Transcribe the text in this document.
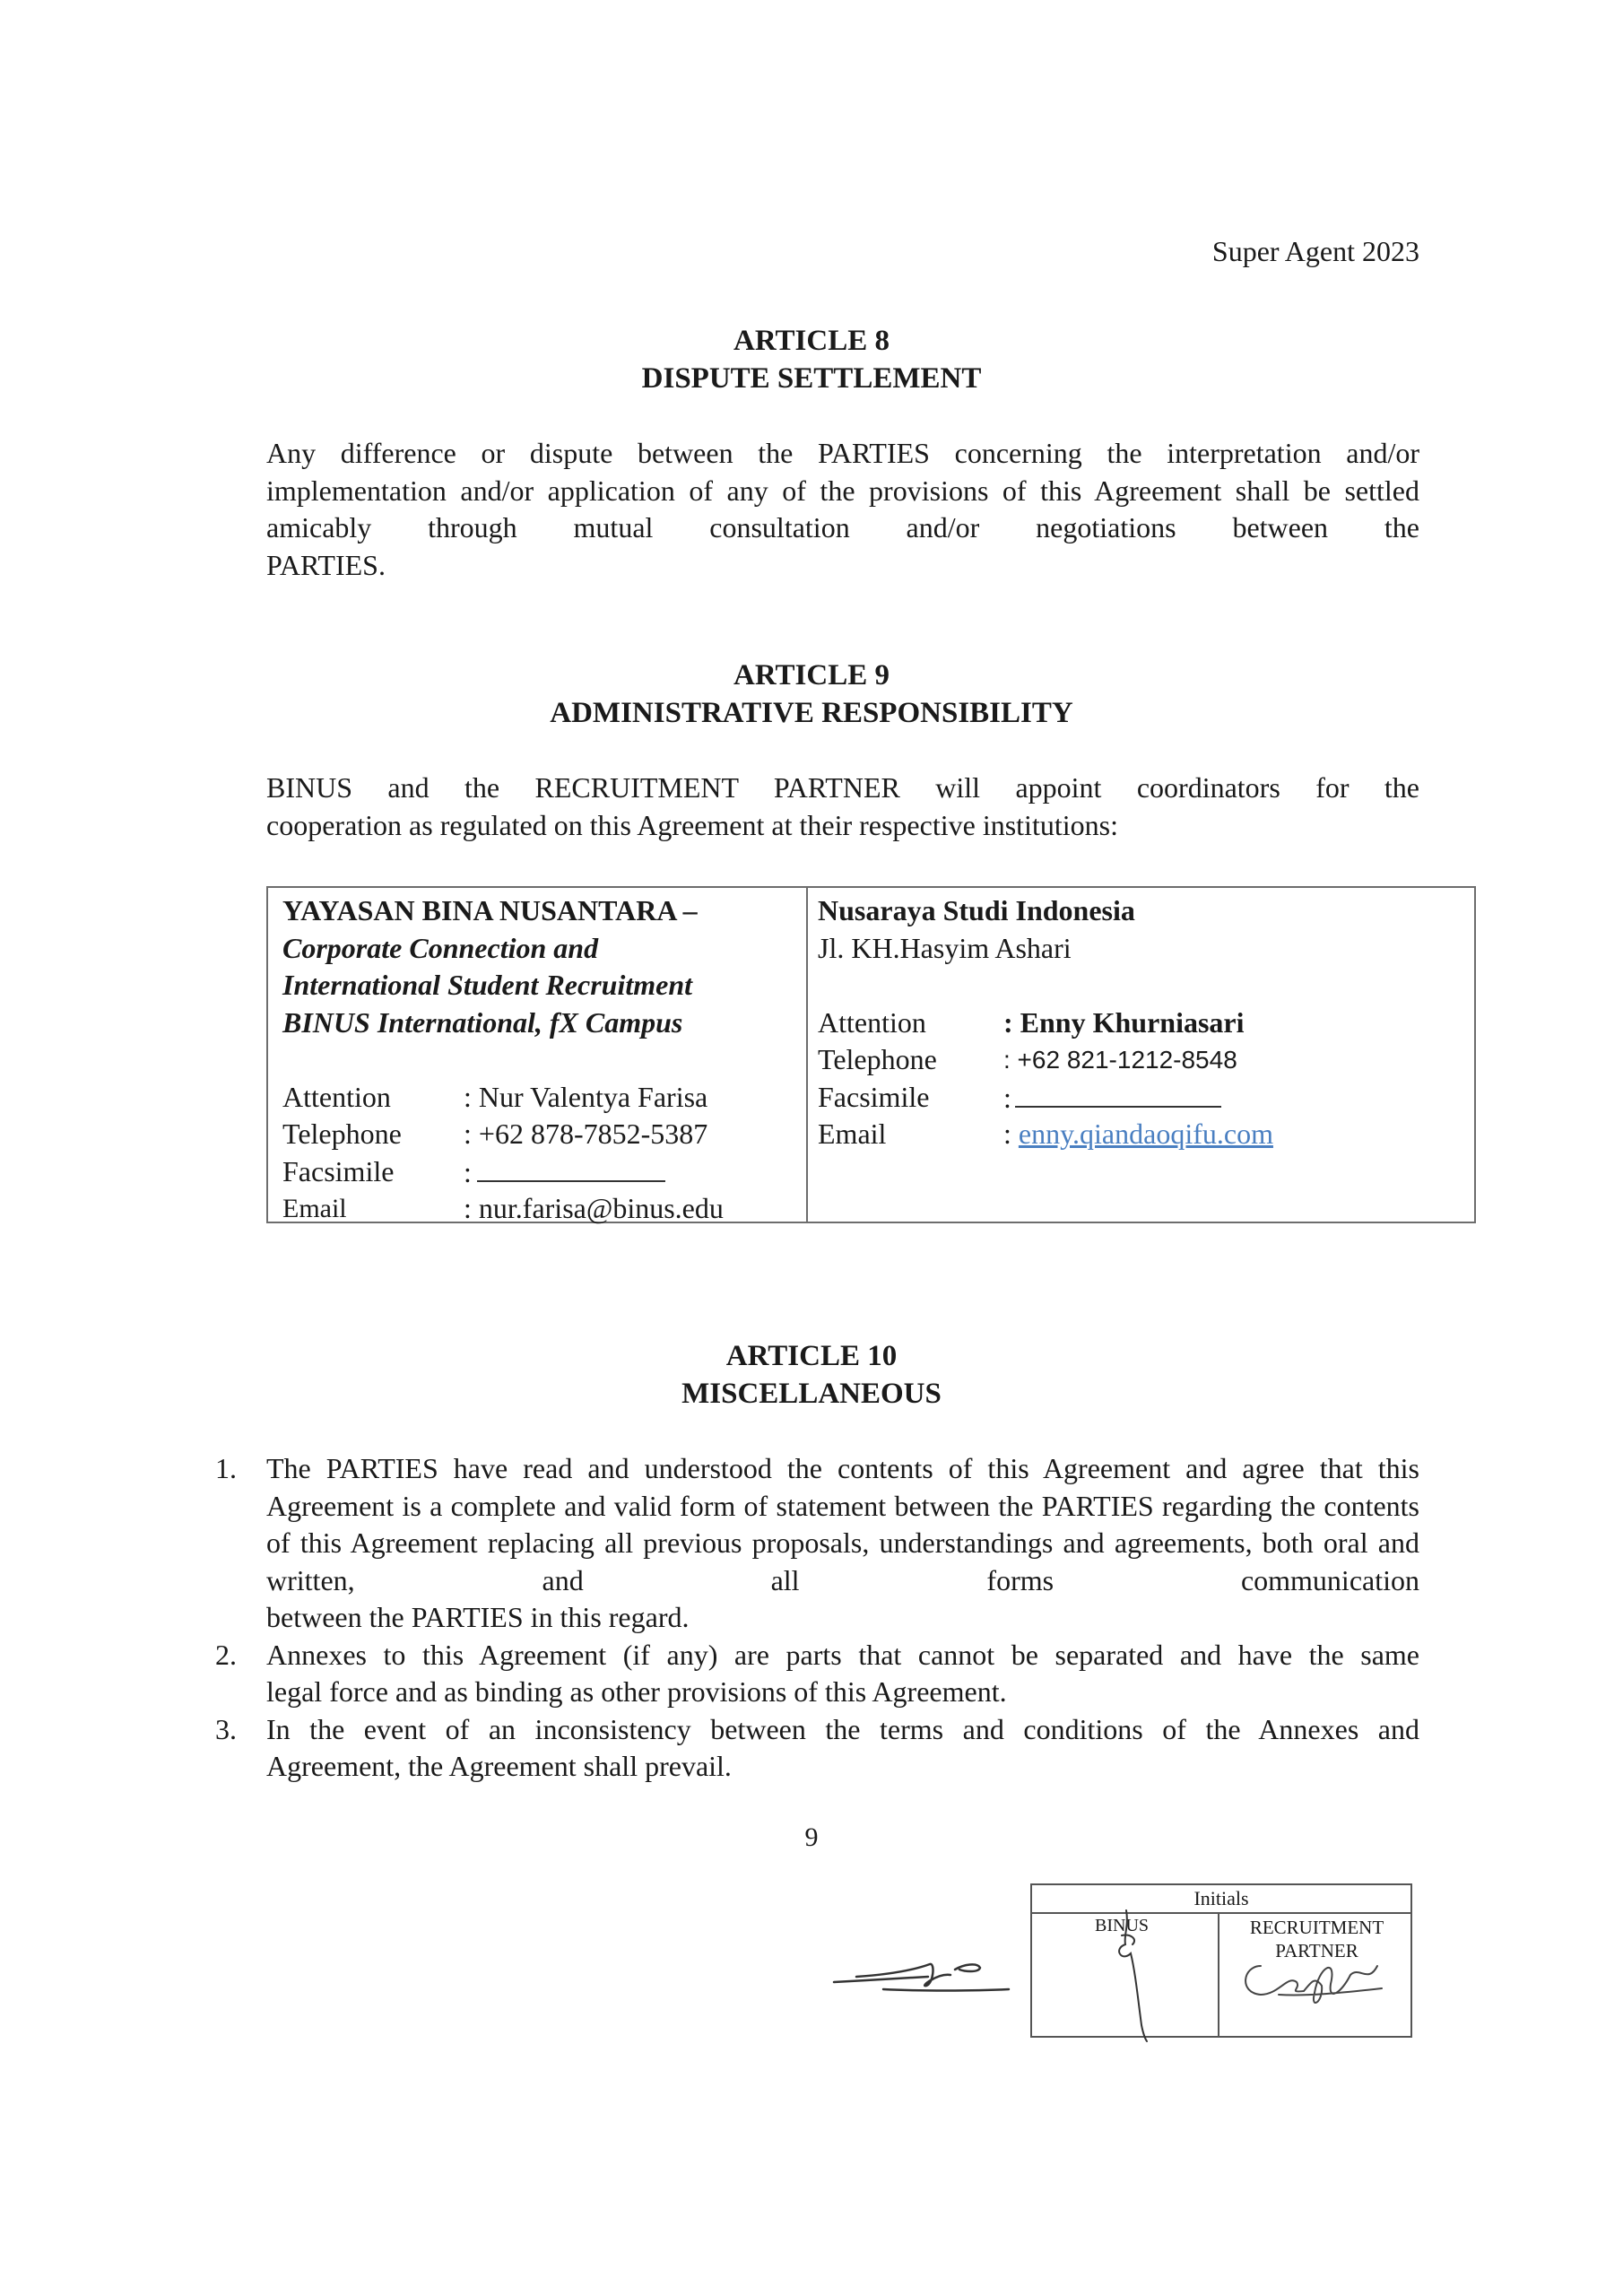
Super Agent 2023
ARTICLE 8
DISPUTE SETTLEMENT
Any difference or dispute between the PARTIES concerning the interpretation and/or implementation and/or application of any of the provisions of this Agreement shall be settled amicably through mutual consultation and/or negotiations between the
PARTIES.
ARTICLE 9
ADMINISTRATIVE RESPONSIBILITY
BINUS and the RECRUITMENT PARTNER will appoint coordinators for the
cooperation as regulated on this Agreement at their respective institutions:
YAYASAN BINA NUSANTARA –
Corporate Connection and
International Student Recruitment
BINUS International, fX Campus
Attention	: Nur Valentya Farisa
Telephone : +62 878-7852-5387
Facsimile :
Email	: nur.farisa@binus.edu
Nusaraya Studi Indonesia
Jl. KH.Hasyim Ashari
Attention	: Enny Khurniasari
Telephone	: +62 821-1212-8548
Facsimile	:
Email	: enny.qiandaoqifu.com
ARTICLE 10
MISCELLANEOUS
1. The PARTIES have read and understood the contents of this Agreement and agree that this Agreement is a complete and valid form of statement between the PARTIES regarding the contents of this Agreement replacing all previous proposals, understandings and agreements, both oral and written, and all forms communication
between the PARTIES in this regard.
2. Annexes to this Agreement (if any) are parts that cannot be separated and have the same
legal force and as binding as other provisions of this Agreement.
3. In the event of an inconsistency between the terms and conditions of the Annexes and
Agreement, the Agreement shall prevail.
9
Initials
BINUS	RECRUITMENT
PARTNER
